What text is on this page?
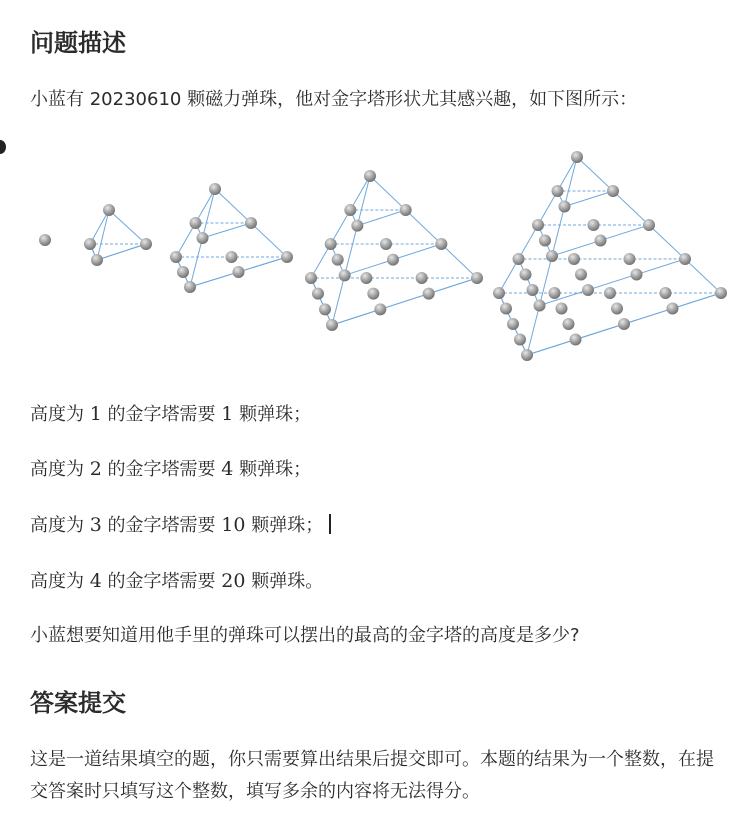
问题描述

小蓝有 20230610 颗磁力弹珠，他对金字塔形状尤其感兴趣，如下图所示：

高度为 1 的金字塔需要 1 颗弹珠；

高度为 2 的金字塔需要 4 颗弹珠；

高度为 3 的金字塔需要 10 颗弹珠；

高度为 4 的金字塔需要 20 颗弹珠。

小蓝想要知道用他手里的弹珠可以摆出的最高的金字塔的高度是多少?

答案提交

这是一道结果填空的题，你只需要算出结果后提交即可。本题的结果为一个整数，在提交答案时只填写这个整数，填写多余的内容将无法得分。
